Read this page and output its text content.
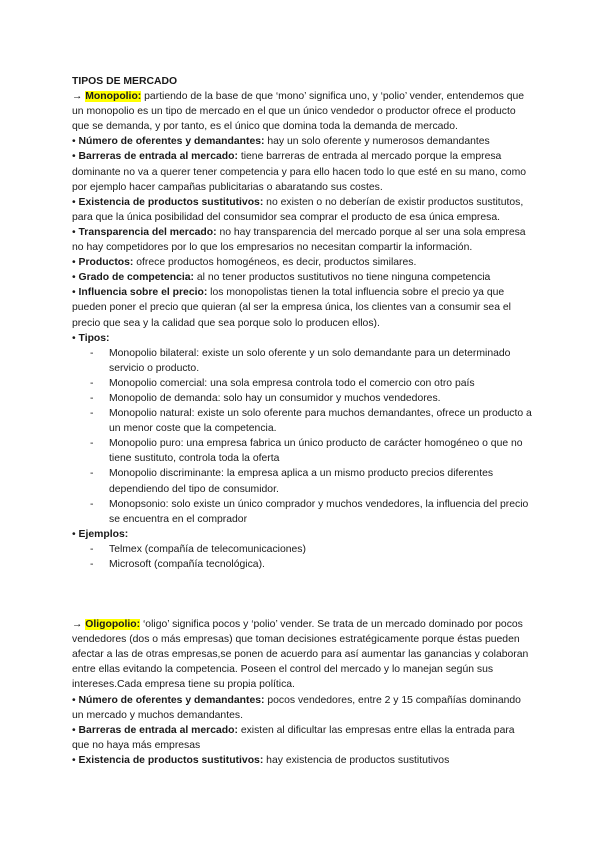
TIPOS DE MERCADO

→ Monopolio: partiendo de la base de que ‘mono’ significa uno, y ‘polio’ vender, entendemos que un monopolio es un tipo de mercado en el que un único vendedor o productor ofrece el producto que se demanda, y por tanto, es el único que domina toda la demanda de mercado.

• Número de oferentes y demandantes: hay un solo oferente y numerosos demandantes

• Barreras de entrada al mercado: tiene barreras de entrada al mercado porque la empresa dominante no va a querer tener competencia y para ello hacen todo lo que esté en su mano, como por ejemplo hacer campañas publicitarias o abaratando sus costes.

• Existencia de productos sustitutivos: no existen o no deberían de existir productos sustitutos, para que la única posibilidad del consumidor sea comprar el producto de esa única empresa.

• Transparencia del mercado: no hay transparencia del mercado porque al ser una sola empresa no hay competidores por lo que los empresarios no necesitan compartir la información.

• Productos: ofrece productos homogéneos, es decir, productos similares.

• Grado de competencia: al no tener productos sustitutivos no tiene ninguna competencia

• Influencia sobre el precio: los monopolistas tienen la total influencia sobre el precio ya que pueden poner el precio que quieran (al ser la empresa única, los clientes van a consumir sea el precio que sea y la calidad que sea porque solo lo producen ellos).

• Tipos:

- Monopolio bilateral: existe un solo oferente y un solo demandante para un determinado servicio o producto.
- Monopolio comercial: una sola empresa controla todo el comercio con otro país
- Monopolio de demanda: solo hay un consumidor y muchos vendedores.
- Monopolio natural: existe un solo oferente para muchos demandantes, ofrece un producto a un menor coste que la competencia.
- Monopolio puro: una empresa fabrica un único producto de carácter homogéneo o que no tiene sustituto, controla toda la oferta
- Monopolio discriminante: la empresa aplica a un mismo producto precios diferentes dependiendo del tipo de consumidor.
- Monopsonio: solo existe un único comprador y muchos vendedores, la influencia del precio se encuentra en el comprador

• Ejemplos:

- Telmex (compañía de telecomunicaciones)
- Microsoft (compañía tecnológica).

→ Oligopolio: ‘oligo’ significa pocos y ‘polio’ vender. Se trata de un mercado dominado por pocos vendedores (dos o más empresas) que toman decisiones estratégicamente porque éstas pueden afectar a las de otras empresas,se ponen de acuerdo para así aumentar las ganancias y colaboran entre ellas evitando la competencia. Poseen el control del mercado y lo manejan según sus intereses.Cada empresa tiene su propia política.

• Número de oferentes y demandantes: pocos vendedores, entre 2 y 15 compañías dominando un mercado y muchos demandantes.

• Barreras de entrada al mercado: existen al dificultar las empresas entre ellas la entrada para que no haya más empresas

• Existencia de productos sustitutivos: hay existencia de productos sustitutivos
